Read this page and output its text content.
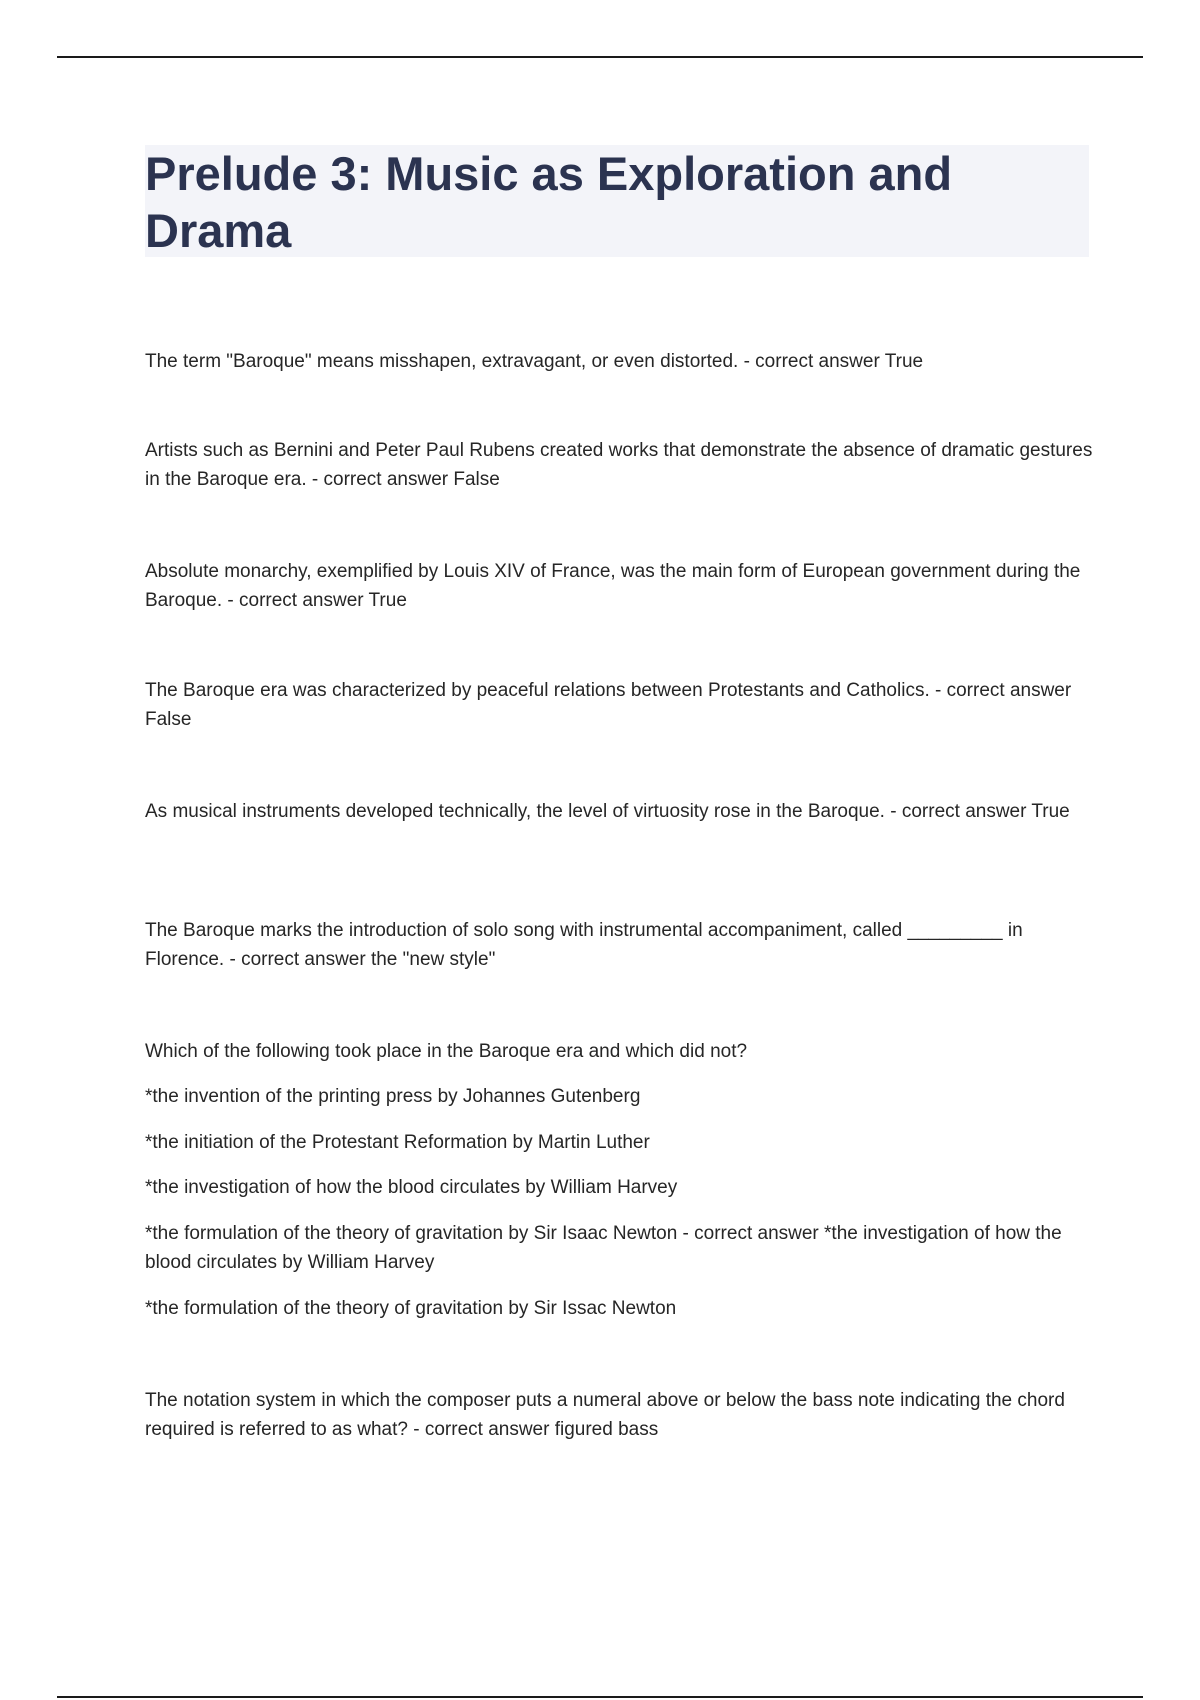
Prelude 3: Music as Exploration and Drama

The term "Baroque" means misshapen, extravagant, or even distorted. - correct answer True

Artists such as Bernini and Peter Paul Rubens created works that demonstrate the absence of dramatic gestures in the Baroque era. - correct answer False

Absolute monarchy, exemplified by Louis XIV of France, was the main form of European government during the Baroque. - correct answer True

The Baroque era was characterized by peaceful relations between Protestants and Catholics. - correct answer False

As musical instruments developed technically, the level of virtuosity rose in the Baroque. - correct answer True

The Baroque marks the introduction of solo song with instrumental accompaniment, called _________ in Florence. - correct answer the "new style"

Which of the following took place in the Baroque era and which did not?
*the invention of the printing press by Johannes Gutenberg
*the initiation of the Protestant Reformation by Martin Luther
*the investigation of how the blood circulates by William Harvey
*the formulation of the theory of gravitation by Sir Isaac Newton - correct answer *the investigation of how the blood circulates by William Harvey
*the formulation of the theory of gravitation by Sir Issac Newton

The notation system in which the composer puts a numeral above or below the bass note indicating the chord required is referred to as what? - correct answer figured bass
